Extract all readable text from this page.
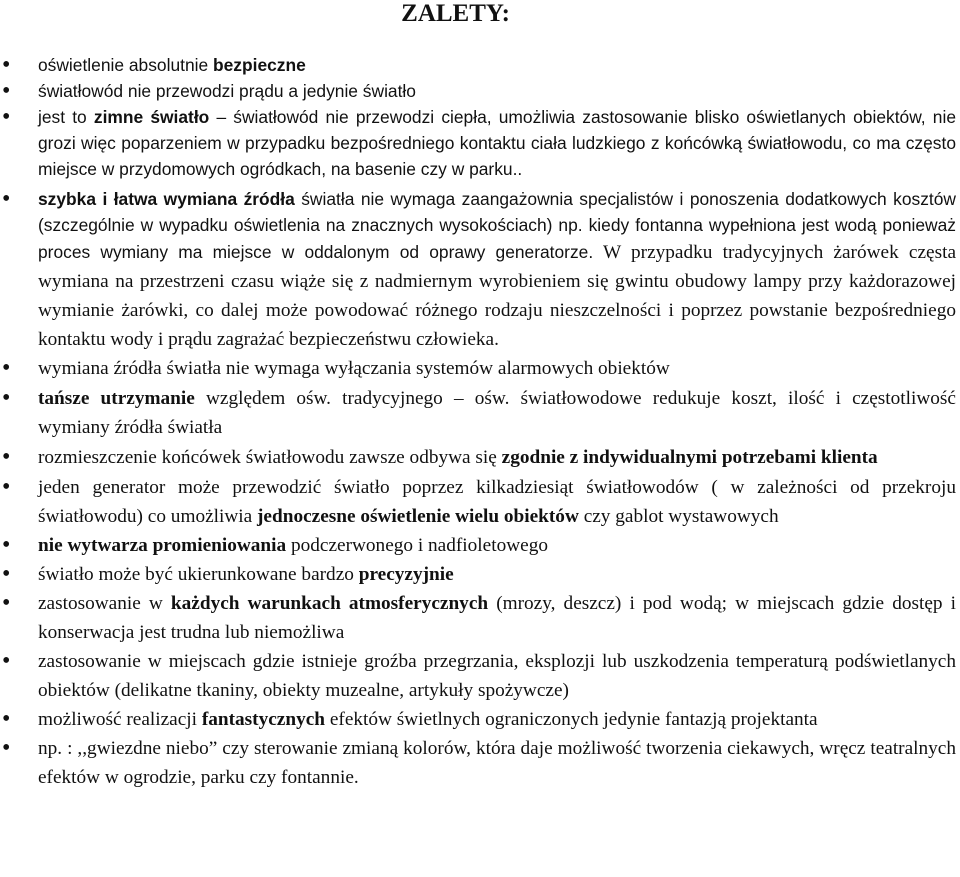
ZALETY:
• oświetlenie absolutnie bezpieczne
• światłowód nie przewodzi prądu a jedynie światło
• jest to zimne światło – światłowód nie przewodzi ciepła, umożliwia zastosowanie blisko oświetlanych obiektów, nie grozi więc poparzeniem w przypadku bezpośredniego kontaktu ciała ludzkiego z końcówką światłowodu, co ma często miejsce w przydomowych ogródkach, na basenie czy w parku..
• szybka i łatwa wymiana źródła światła nie wymaga zaangażownia specjalistów i ponoszenia dodatkowych kosztów (szczególnie w wypadku oświetlenia na znacznych wysokościach) np. kiedy fontanna wypełniona jest wodą ponieważ proces wymiany ma miejsce w oddalonym od oprawy generatorze. W przypadku tradycyjnych żarówek częsta wymiana na przestrzeni czasu wiąże się z nadmiernym wyrobieniem się gwintu obudowy lampy przy każdorazowej wymianie żarówki, co dalej może powodować różnego rodzaju nieszczelności i poprzez powstanie bezpośredniego kontaktu wody i prądu zagrażać bezpieczeństwu człowieka.
• wymiana źródła światła nie wymaga wyłączania systemów alarmowych obiektów
• tańsze utrzymanie względem ośw. tradycyjnego – ośw. światłowodowe redukuje koszt, ilość i częstotliwość wymiany źródła światła
• rozmieszczenie końcówek światłowodu zawsze odbywa się zgodnie z indywidualnymi potrzebami klienta
• jeden generator może przewodzić światło poprzez kilkadziesiąt światłowodów ( w zależności od przekroju światłowodu) co umożliwia jednoczesne oświetlenie wielu obiektów czy gablot wystawowych
• nie wytwarza promieniowania podczerwonego i nadfioletowego
• światło może być ukierunkowane bardzo precyzyjnie
• zastosowanie w każdych warunkach atmosferycznych (mrozy, deszcz) i pod wodą; w miejscach gdzie dostęp i konserwacja jest trudna lub niemożliwa
• zastosowanie w miejscach gdzie istnieje groźba przegrzania, eksplozji lub uszkodzenia temperaturą podświetlanych obiektów (delikatne tkaniny, obiekty muzealne, artykuły spożywcze)
• możliwość realizacji fantastycznych efektów świetlnych ograniczonych jedynie fantazją projektanta
• np. : ,,gwiezdne niebo” czy sterowanie zmianą kolorów, która daje możliwość tworzenia ciekawych, wręcz teatralnych efektów w ogrodzie, parku czy fontannie.
